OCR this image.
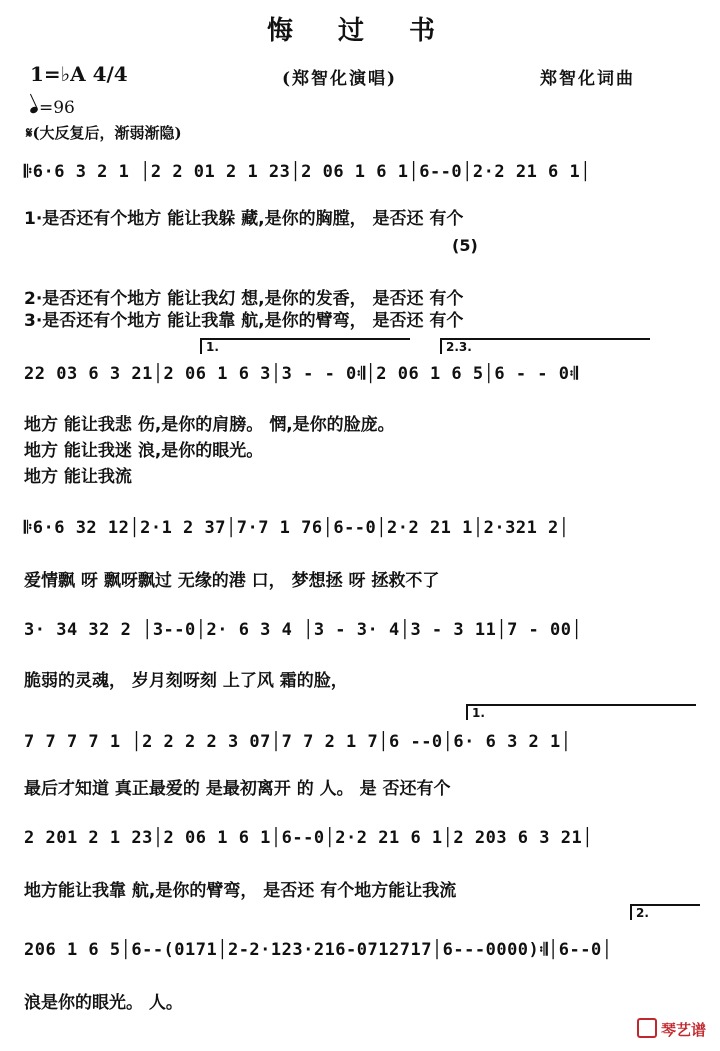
悔 过 书
1=♭A 4/4	(郑智化演唱)	郑智化词曲
=96
𝄋(大反复后，渐弱渐隐)
𝄆6·6 3 2 1 │2 2 01 2 1 23│2 06 1 6 1│6--0│2·2 21 6 1│
1·是否还有个地方 能让我躲 藏,是你的胸膛， 是否还 有个
(5)
2·是否还有个地方 能让我幻 想,是你的发香， 是否还 有个
3·是否还有个地方 能让我靠 航,是你的臂弯， 是否还 有个
1.	2.3.
22 03 6 3 21│2 06 1 6 3│3 - - 0𝄇│2 06 1 6 5│6 - - 0𝄇
地方 能让我悲 伤,是你的肩膀。 惘,是你的脸庞。
地方 能让我迷 浪,是你的眼光。
地方 能让我流
𝄆6·6 32 12│2·1 2 37│7·7 1 76│6--0│2·2 21 1│2·321 2│
爱情飘 呀 飘呀飘过 无缘的港 口， 梦想拯 呀 拯救不了
3· 34 32 2 │3--0│2· 6 3 4 │3 - 3· 4│3 - 3 11│7 - 00│
脆弱的灵魂， 岁月刻呀刻 上了风 霜的脸，
1.
7 7 7 7 1 │2 2 2 2 3 07│7 7 2 1 7│6 --0│6· 6 3 2 1│
最后才知道 真正最爱的 是最初离开 的 人。 是 否还有个
2 201 2 1 23│2 06 1 6 1│6--0│2·2 21 6 1│2 203 6 3 21│
地方能让我靠 航,是你的臂弯， 是否还 有个地方能让我流
2.
206 1 6 5│6--(0171│2-2·123·216-0712717│6---0000)𝄇│6--0│
浪是你的眼光。 人。
琴艺谱
